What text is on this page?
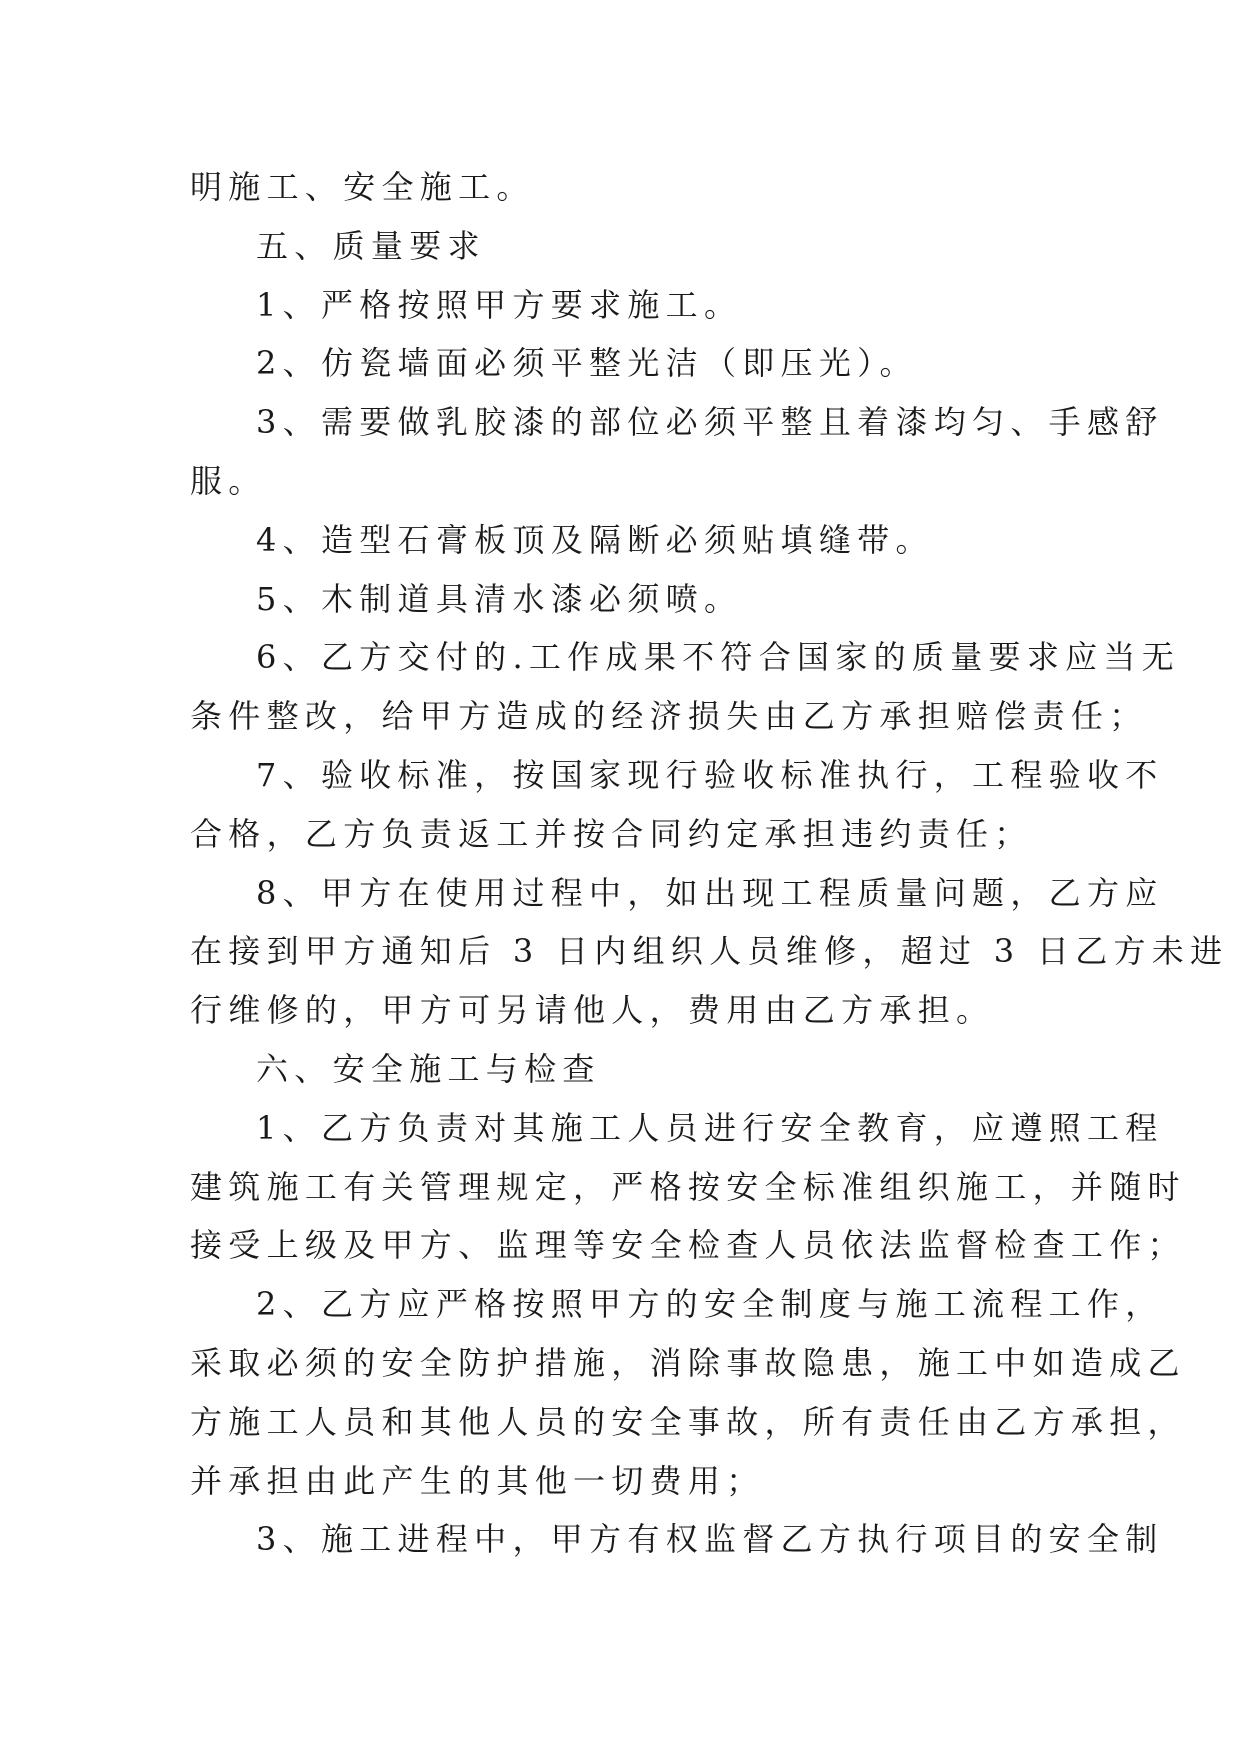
明施工、安全施工。
五、质量要求
1、严格按照甲方要求施工。
2、仿瓷墙面必须平整光洁（即压光）。
3、需要做乳胶漆的部位必须平整且着漆均匀、手感舒
服。
4、造型石膏板顶及隔断必须贴填缝带。
5、木制道具清水漆必须喷。
6、乙方交付的.工作成果不符合国家的质量要求应当无
条件整改，给甲方造成的经济损失由乙方承担赔偿责任；
7、验收标准，按国家现行验收标准执行，工程验收不
合格，乙方负责返工并按合同约定承担违约责任；
8、甲方在使用过程中，如出现工程质量问题，乙方应
在接到甲方通知后 3 日内组织人员维修，超过 3 日乙方未进
行维修的，甲方可另请他人，费用由乙方承担。
六、安全施工与检查
1、乙方负责对其施工人员进行安全教育，应遵照工程
建筑施工有关管理规定，严格按安全标准组织施工，并随时
接受上级及甲方、监理等安全检查人员依法监督检查工作；
2、乙方应严格按照甲方的安全制度与施工流程工作，
采取必须的安全防护措施，消除事故隐患，施工中如造成乙
方施工人员和其他人员的安全事故，所有责任由乙方承担，
并承担由此产生的其他一切费用；
3、施工进程中，甲方有权监督乙方执行项目的安全制
